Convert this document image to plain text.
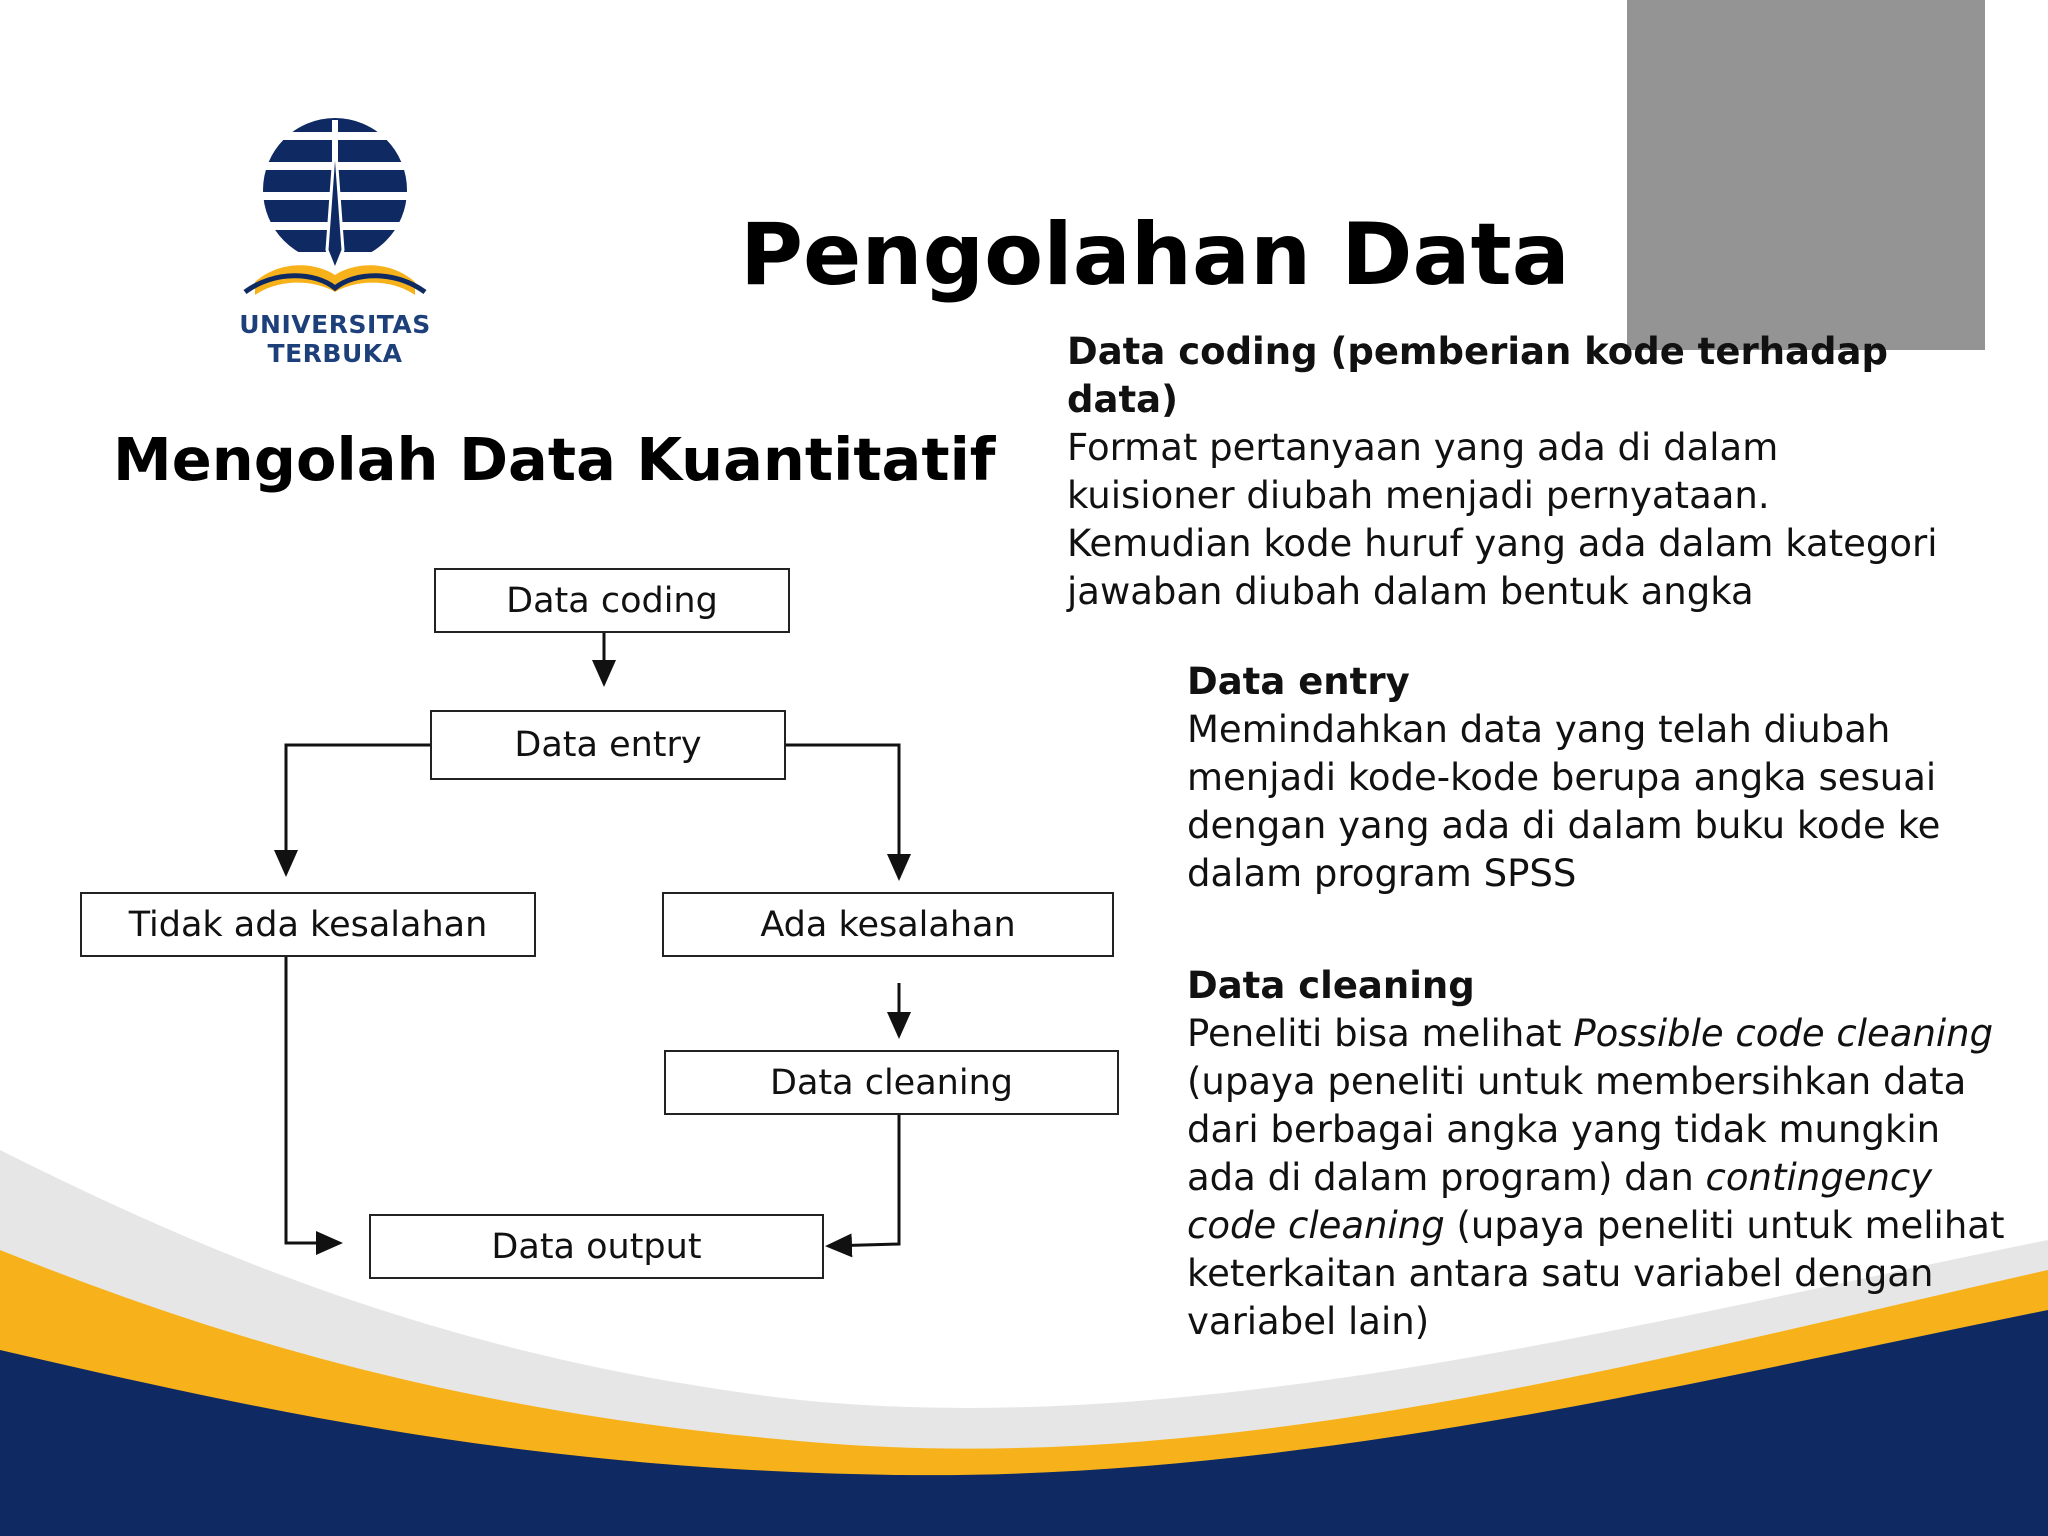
UNIVERSITAS TERBUKA
Pengolahan Data
Mengolah Data Kuantitatif
Data coding
Data entry
Tidak ada kesalahan	Ada kesalahan
Data cleaning
Data output
Data coding (pemberian kode terhadap data)
Format pertanyaan yang ada di dalam kuisioner diubah menjadi pernyataan. Kemudian kode huruf yang ada dalam kategori jawaban diubah dalam bentuk angka
Data entry
Memindahkan data yang telah diubah menjadi kode-kode berupa angka sesuai dengan yang ada di dalam buku kode ke dalam program SPSS
Data cleaning
Peneliti bisa melihat Possible code cleaning (upaya peneliti untuk membersihkan data dari berbagai angka yang tidak mungkin ada di dalam program) dan contingency code cleaning (upaya peneliti untuk melihat keterkaitan antara satu variabel dengan variabel lain)
